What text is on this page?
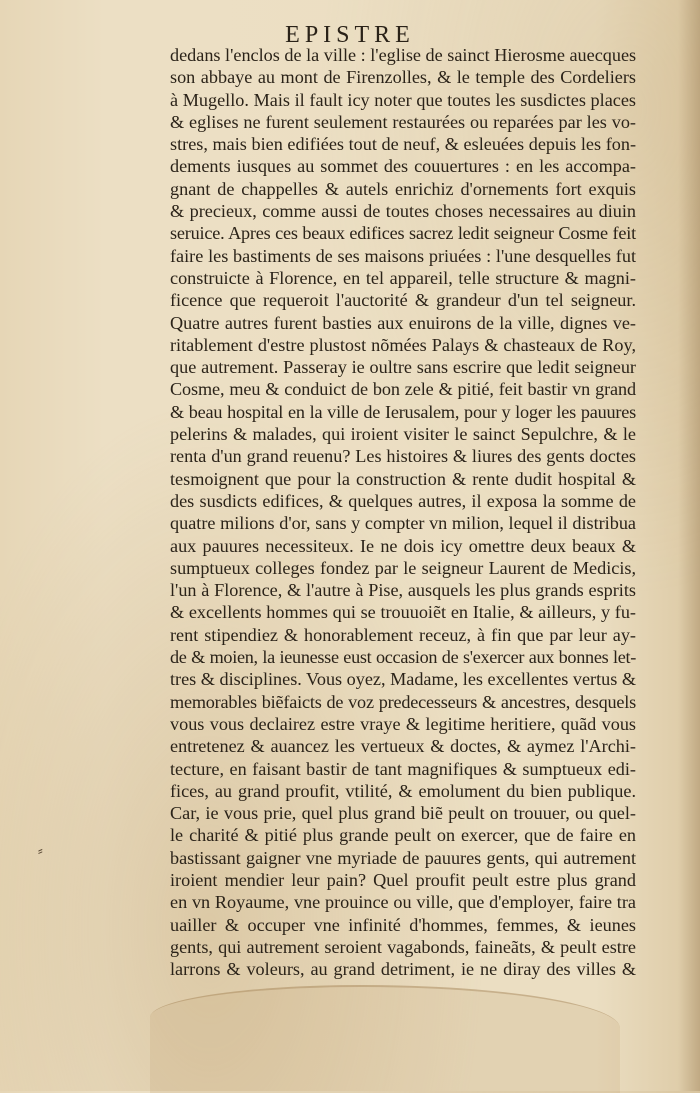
EPISTRE
⸗
dedans l'enclos de la ville : l'eglise de sainct Hierosme auecques
son abbaye au mont de Firenzolles, & le temple des Cordeliers
à Mugello. Mais il fault icy noter que toutes les susdictes places
& eglises ne furent seulement restaurées ou reparées par les vo-
stres, mais bien edifiées tout de neuf, & esleuées depuis les fon-
dements iusques au sommet des couuertures : en les accompa-
gnant de chappelles & autels enrichiz d'ornements fort exquis
& precieux, comme aussi de toutes choses necessaires au diuin
seruice. Apres ces beaux edifices sacrez ledit seigneur Cosme feit
faire les bastiments de ses maisons priuées : l'une desquelles fut
construicte à Florence, en tel appareil, telle structure & magni-
ficence que requeroit l'auctorité & grandeur d'un tel seigneur.
Quatre autres furent basties aux enuirons de la ville, dignes ve-
ritablement d'estre plustost nõmées Palays & chasteaux de Roy,
que autrement. Passeray ie oultre sans escrire que ledit seigneur
Cosme, meu & conduict de bon zele & pitié, feit bastir vn grand
& beau hospital en la ville de Ierusalem, pour y loger les pauures
pelerins & malades, qui iroient visiter le sainct Sepulchre, & le
renta d'un grand reuenu? Les histoires & liures des gents doctes
tesmoignent que pour la construction & rente dudit hospital &
des susdicts edifices, & quelques autres, il exposa la somme de
quatre milions d'or, sans y compter vn milion, lequel il distribua
aux pauures necessiteux. Ie ne dois icy omettre deux beaux &
sumptueux colleges fondez par le seigneur Laurent de Medicis,
l'un à Florence, & l'autre à Pise, ausquels les plus grands esprits
& excellents hommes qui se trouuoiẽt en Italie, & ailleurs, y fu-
rent stipendiez & honorablement receuz, à fin que par leur ay-
de & moien, la ieunesse eust occasion de s'exercer aux bonnes let-
tres & disciplines. Vous oyez, Madame, les excellentes vertus &
memorables biẽfaicts de voz predecesseurs & ancestres, desquels
vous vous declairez estre vraye & legitime heritiere, quãd vous
entretenez & auancez les vertueux & doctes, & aymez l'Archi-
tecture, en faisant bastir de tant magnifiques & sumptueux edi-
fices, au grand proufit, vtilité, & emolument du bien publique.
Car, ie vous prie, quel plus grand biẽ peult on trouuer, ou quel-
le charité & pitié plus grande peult on exercer, que de faire en
bastissant gaigner vne myriade de pauures gents, qui autrement
iroient mendier leur pain? Quel proufit peult estre plus grand
en vn Royaume, vne prouince ou ville, que d'employer, faire tra
uailler & occuper vne infinité d'hommes, femmes, & ieunes
gents, qui autrement seroient vagabonds, faineãts, & peult estre
larrons & voleurs, au grand detriment, ie ne diray des villes &
